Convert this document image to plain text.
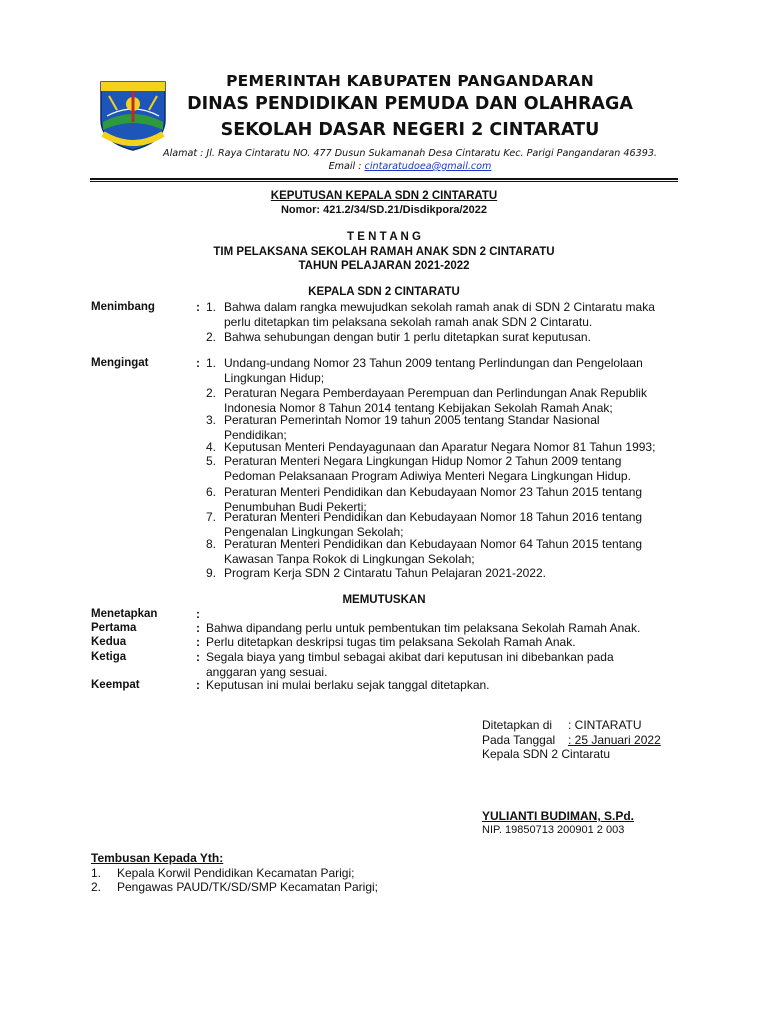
PEMERINTAH KABUPATEN PANGANDARAN
DINAS PENDIDIKAN PEMUDA DAN OLAHRAGA
SEKOLAH DASAR NEGERI 2 CINTARATU
Alamat : Jl. Raya Cintaratu NO. 477 Dusun Sukamanah Desa Cintaratu Kec. Parigi Pangandaran 46393.
Email : cintaratudoea@gmail.com
KEPUTUSAN KEPALA SDN 2 CINTARATU
Nomor: 421.2/34/SD.21/Disdikpora/2022
T E N T A N G
TIM PELAKSANA SEKOLAH RAMAH ANAK SDN 2 CINTARATU
TAHUN PELAJARAN 2021-2022
KEPALA SDN 2 CINTARATU
Menimbang	: 1. Bahwa dalam rangka mewujudkan sekolah ramah anak di SDN 2 Cintaratu maka
perlu ditetapkan tim pelaksana sekolah ramah anak SDN 2 Cintaratu.
2. Bahwa sehubungan dengan butir 1 perlu ditetapkan surat keputusan.
Mengingat	: 1. Undang-undang Nomor 23 Tahun 2009 tentang Perlindungan dan Pengelolaan
Lingkungan Hidup;
2. Peraturan Negara Pemberdayaan Perempuan dan Perlindungan Anak Republik
Indonesia Nomor 8 Tahun 2014 tentang Kebijakan Sekolah Ramah Anak;
3. Peraturan Pemerintah Nomor 19 tahun 2005 tentang Standar Nasional
Pendidikan;
4. Keputusan Menteri Pendayagunaan dan Aparatur Negara Nomor 81 Tahun 1993;
5. Peraturan Menteri Negara Lingkungan Hidup Nomor 2 Tahun 2009 tentang
Pedoman Pelaksanaan Program Adiwiya Menteri Negara Lingkungan Hidup.
6. Peraturan Menteri Pendidikan dan Kebudayaan Nomor 23 Tahun 2015 tentang
Penumbuhan Budi Pekerti;
7. Peraturan Menteri Pendidikan dan Kebudayaan Nomor 18 Tahun 2016 tentang
Pengenalan Lingkungan Sekolah;
8. Peraturan Menteri Pendidikan dan Kebudayaan Nomor 64 Tahun 2015 tentang
Kawasan Tanpa Rokok di Lingkungan Sekolah;
9. Program Kerja SDN 2 Cintaratu Tahun Pelajaran 2021-2022.
MEMUTUSKAN
Menetapkan	:
Pertama	: Bahwa dipandang perlu untuk pembentukan tim pelaksana Sekolah Ramah Anak.
Kedua	: Perlu ditetapkan deskripsi tugas tim pelaksana Sekolah Ramah Anak.
Ketiga	: Segala biaya yang timbul sebagai akibat dari keputusan ini dibebankan pada
anggaran yang sesuai.
Keempat	: Keputusan ini mulai berlaku sejak tanggal ditetapkan.
Ditetapkan di : CINTARATU
Pada Tanggal : 25 Januari 2022
Kepala SDN 2 Cintaratu
YULIANTI BUDIMAN, S.Pd.
NIP. 19850713 200901 2 003
Tembusan Kepada Yth:
1. Kepala Korwil Pendidikan Kecamatan Parigi;
2. Pengawas PAUD/TK/SD/SMP Kecamatan Parigi;
